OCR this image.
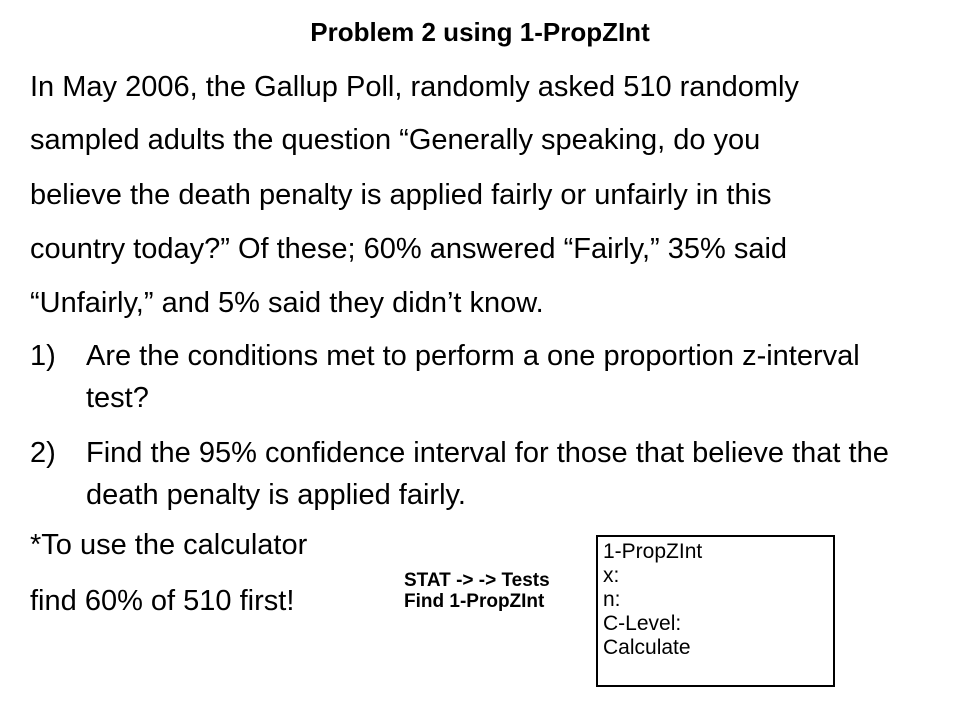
Problem 2 using 1-PropZInt
In May 2006, the Gallup Poll, randomly asked 510 randomly
sampled adults the question “Generally speaking, do you
believe the death penalty is applied fairly or unfairly in this
country today?” Of these; 60% answered “Fairly,” 35% said
“Unfairly,” and 5% said they didn’t know.
1) Are the conditions met to perform a one proportion z-interval test?
2) Find the 95% confidence interval for those that believe that the death penalty is applied fairly.
*To use the calculator
find 60% of 510 first!
STAT -> -> Tests
Find 1-PropZInt
1-PropZInt
x:
n:
C-Level:
Calculate
